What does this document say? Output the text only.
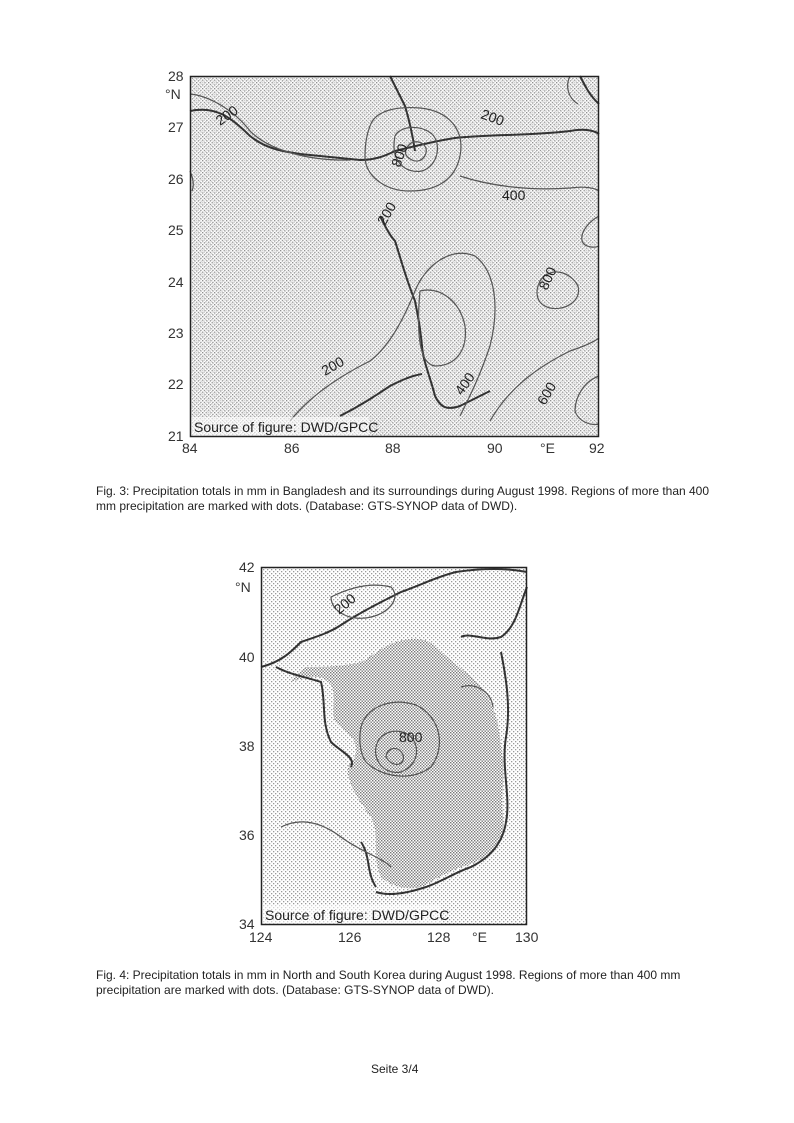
200
800
400
200
200
200
400
800
600
Source of figure: DWD/GPCC
28
°N
27
26
25
24
23
22
21
84	86	88	90	°E 92
Fig. 3: Precipitation totals in mm in Bangladesh and its surroundings during August 1998. Regions of more than 400 mm precipitation are marked with dots. (Database: GTS-SYNOP data of DWD).
200
800
Source of figure: DWD/GPCC
42
°N
40
38
36
34
124	126	128 °E 130
Fig. 4: Precipitation totals in mm in North and South Korea during August 1998. Regions of more than 400 mm precipitation are marked with dots. (Database: GTS-SYNOP data of DWD).
Seite 3/4
